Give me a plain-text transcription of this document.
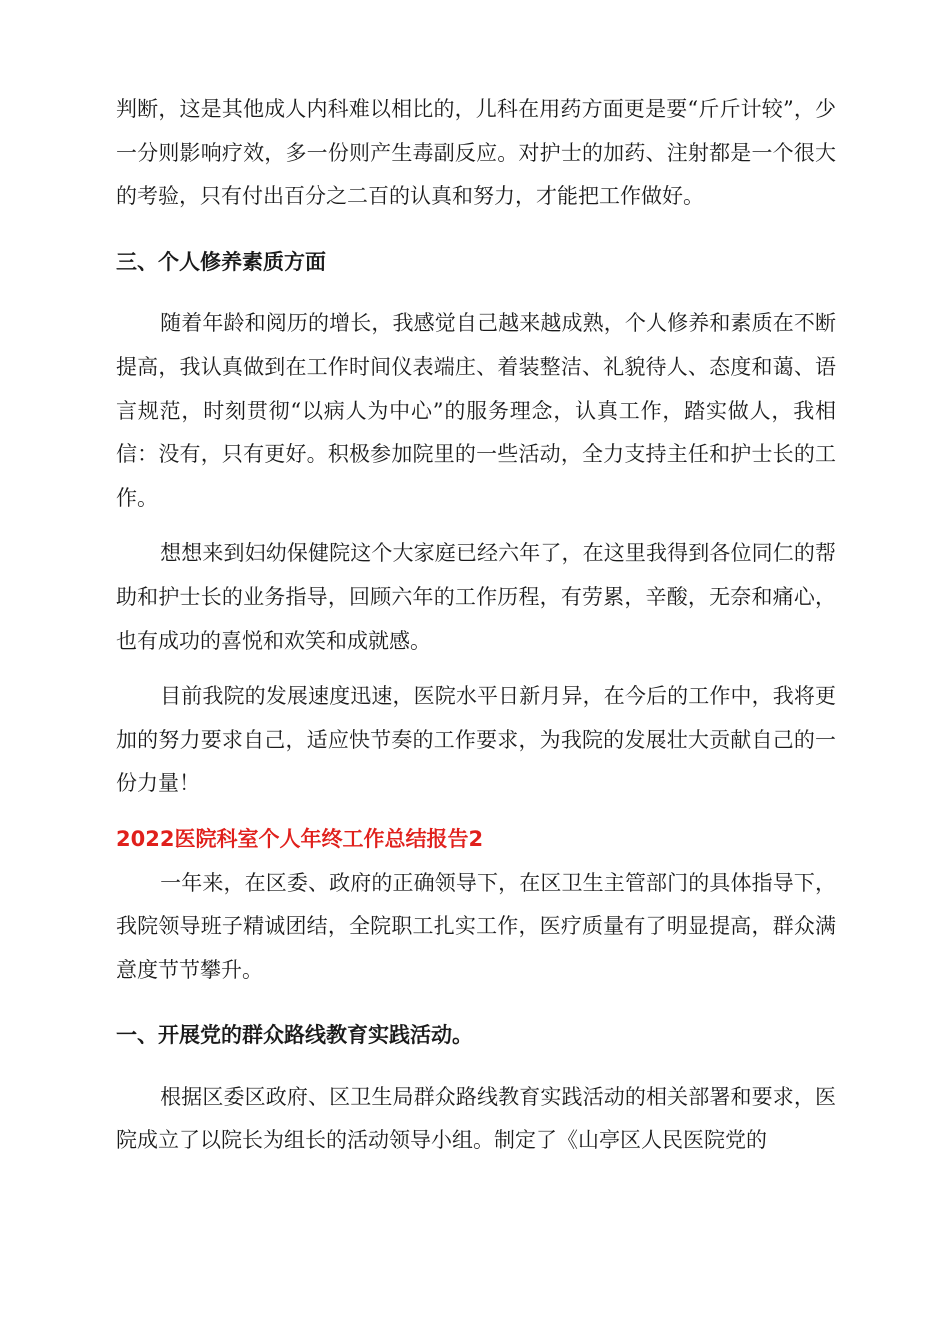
判断，这是其他成人内科难以相比的，儿科在用药方面更是要“斤斤计较”，少一分则影响疗效，多一份则产生毒副反应。对护士的加药、注射都是一个很大的考验，只有付出百分之二百的认真和努力，才能把工作做好。

三、个人修养素质方面

随着年龄和阅历的增长，我感觉自己越来越成熟，个人修养和素质在不断提高，我认真做到在工作时间仪表端庄、着装整洁、礼貌待人、态度和蔼、语言规范，时刻贯彻“以病人为中心”的服务理念，认真工作，踏实做人，我相信：没有，只有更好。积极参加院里的一些活动，全力支持主任和护士长的工作。

想想来到妇幼保健院这个大家庭已经六年了，在这里我得到各位同仁的帮助和护士长的业务指导，回顾六年的工作历程，有劳累，辛酸，无奈和痛心，也有成功的喜悦和欢笑和成就感。

目前我院的发展速度迅速，医院水平日新月异，在今后的工作中，我将更加的努力要求自己，适应快节奏的工作要求，为我院的发展壮大贡献自己的一份力量！

2022医院科室个人年终工作总结报告2

一年来，在区委、政府的正确领导下，在区卫生主管部门的具体指导下，我院领导班子精诚团结，全院职工扎实工作，医疗质量有了明显提高，群众满意度节节攀升。

一、开展党的群众路线教育实践活动。

根据区委区政府、区卫生局群众路线教育实践活动的相关部署和要求，医院成立了以院长为组长的活动领导小组。制定了《山亭区人民医院党的
